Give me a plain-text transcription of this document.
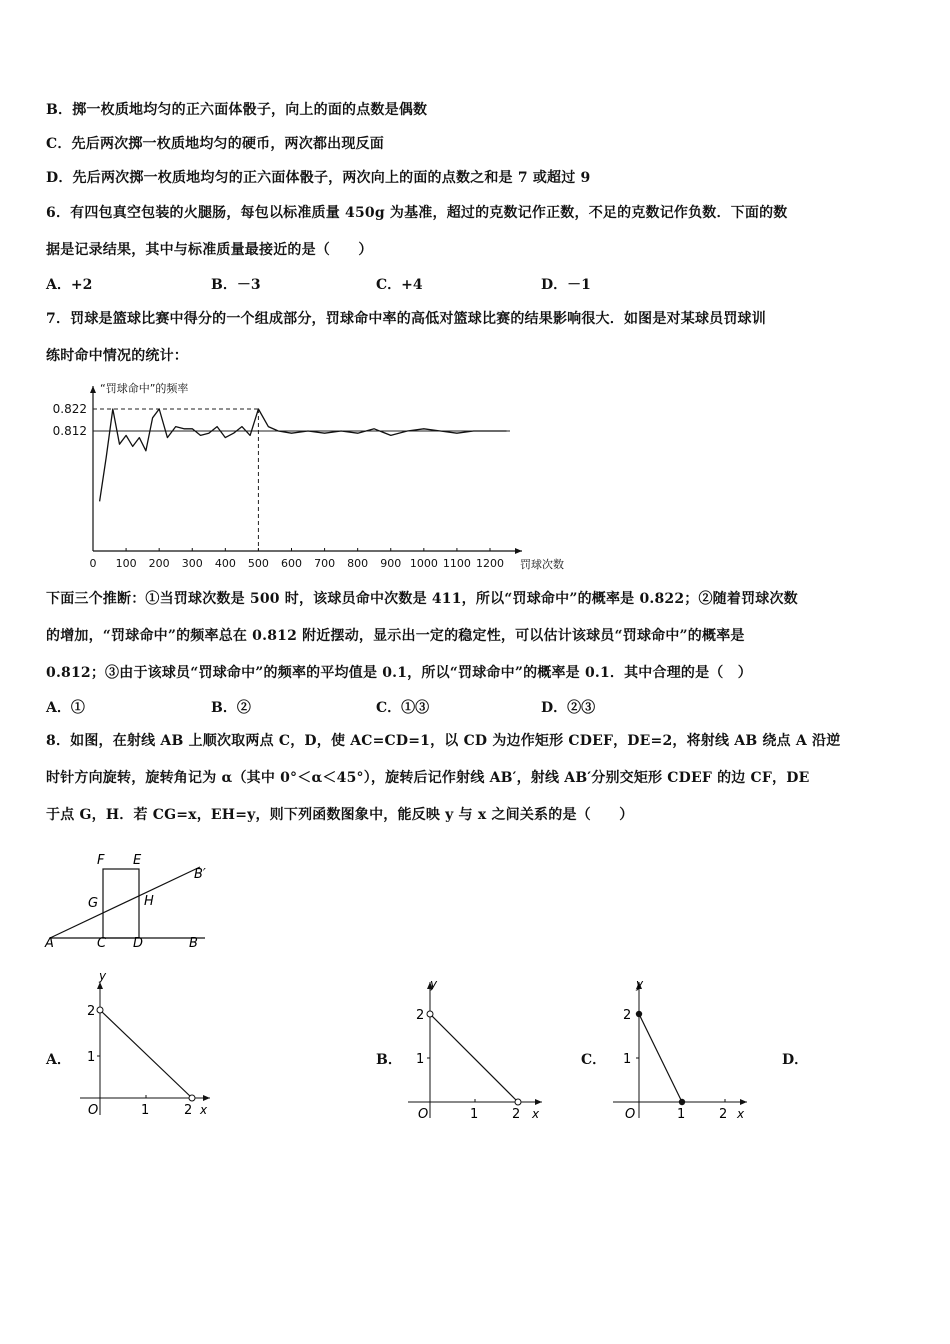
B．掷一枚质地均匀的正六面体骰子，向上的面的点数是偶数
C．先后两次掷一枚质地均匀的硬币，两次都出现反面
D．先后两次掷一枚质地均匀的正六面体骰子，两次向上的面的点数之和是 7 或超过 9
6．有四包真空包装的火腿肠，每包以标准质量 450g 为基准，超过的克数记作正数，不足的克数记作负数．下面的数
据是记录结果，其中与标准质量最接近的是（　　）
A．+2	B．－3	C．+4	D．－1
7．罚球是篮球比赛中得分的一个组成部分，罚球命中率的高低对篮球比赛的结果影响很大．如图是对某球员罚球训
练时命中情况的统计：
“罚球命中”的频率
0.822
0.812
0 100 200 300 400 500 600 700 800 900 1000 1100 1200 罚球次数
下面三个推断：①当罚球次数是 500 时，该球员命中次数是 411，所以“罚球命中”的概率是 0.822；②随着罚球次数
的增加，“罚球命中”的频率总在 0.812 附近摆动，显示出一定的稳定性，可以估计该球员“罚球命中”的概率是
0.812；③由于该球员“罚球命中”的频率的平均值是 0.1，所以“罚球命中”的概率是 0.1．其中合理的是（　）
A．①	B．②	C．①③	D．②③
8．如图，在射线 AB 上顺次取两点 C，D，使 AC=CD=1，以 CD 为边作矩形 CDEF，DE=2，将射线 AB 绕点 A 沿逆
时针方向旋转，旋转角记为 α（其中 0°＜α＜45°），旋转后记作射线 AB′，射线 AB′分别交矩形 CDEF 的边 CF，DE
于点 G，H．若 CG=x，EH=y，则下列函数图象中，能反映 y 与 x 之间关系的是（　　）
F E
B′
G	H
A	C D	B
A．	B．	C．	D．
y
x
O
2
1
1	2
y
x
O
2
1
1	2
y
x
O
2
1
1	2
